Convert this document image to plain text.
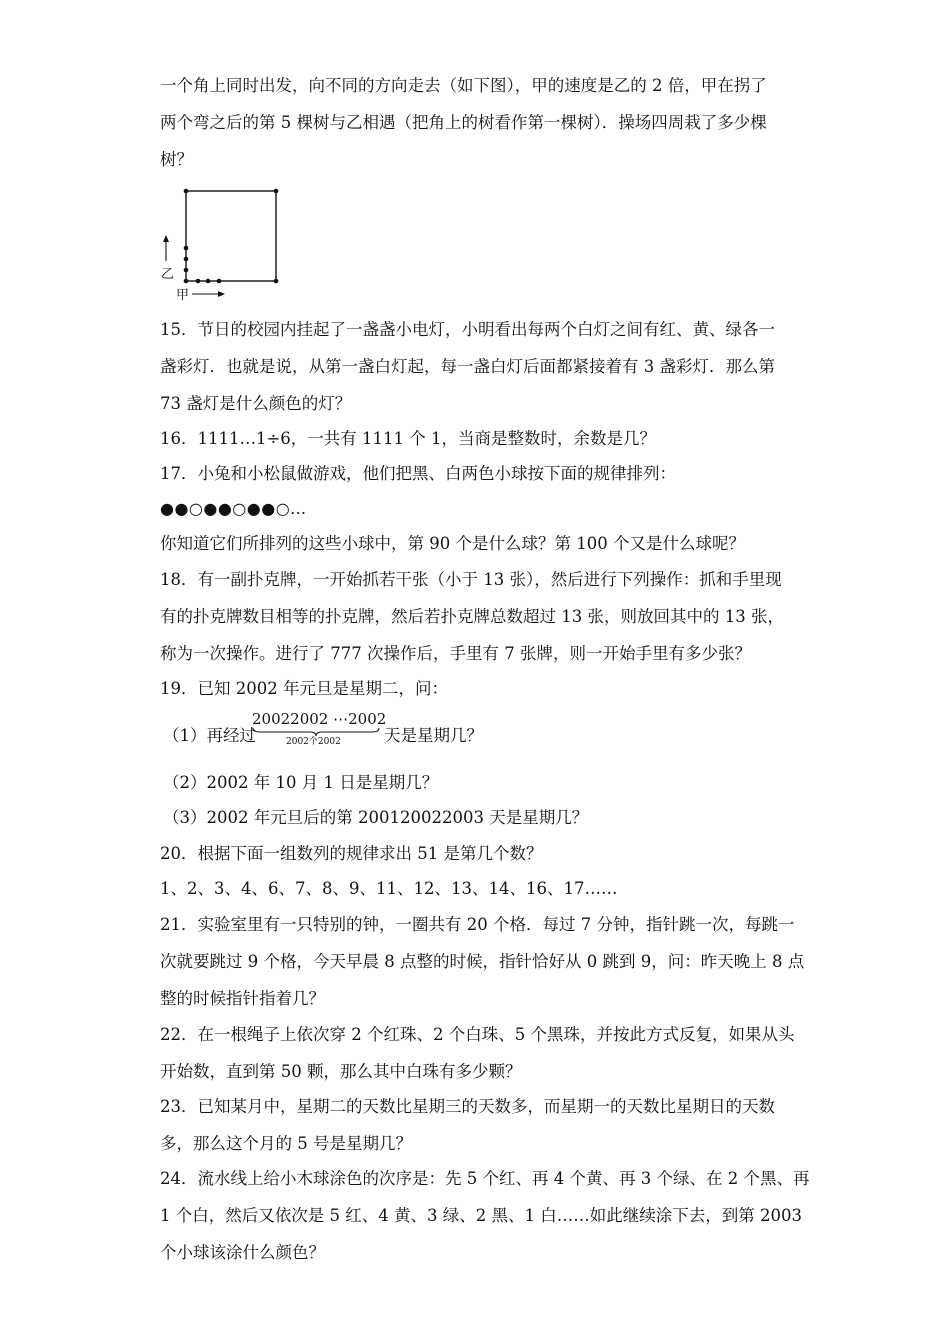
一个角上同时出发，向不同的方向走去（如下图），甲的速度是乙的 2 倍，甲在拐了
两个弯之后的第 5 棵树与乙相遇（把角上的树看作第一棵树）．操场四周栽了多少棵
树？
乙
甲
15．节日的校园内挂起了一盏盏小电灯，小明看出每两个白灯之间有红、黄、绿各一
盏彩灯．也就是说，从第一盏白灯起，每一盏白灯后面都紧接着有 3 盏彩灯．那么第
73 盏灯是什么颜色的灯？
16．1111…1÷6，一共有 1111 个 1，当商是整数时，余数是几？
17．小兔和小松鼠做游戏，他们把黑、白两色小球按下面的规律排列：
●●○●●○●●○…
你知道它们所排列的这些小球中，第 90 个是什么球？第 100 个又是什么球呢？
18．有一副扑克牌，一开始抓若干张（小于 13 张），然后进行下列操作：抓和手里现
有的扑克牌数目相等的扑克牌，然后若扑克牌总数超过 13 张，则放回其中的 13 张，
称为一次操作。进行了 777 次操作后，手里有 7 张牌，则一开始手里有多少张？
19．已知 2002 年元旦是星期二，问：
（1）再经过
20022002 ⋯2002
2002个2002	天是星期几？
（2）2002 年 10 月 1 日是星期几？
（3）2002 年元旦后的第 200120022003 天是星期几？
20．根据下面一组数列的规律求出 51 是第几个数？
1、2、3、4、6、7、8、9、11、12、13、14、16、17……
21．实验室里有一只特别的钟，一圈共有 20 个格．每过 7 分钟，指针跳一次，每跳一
次就要跳过 9 个格，今天早晨 8 点整的时候，指针恰好从 0 跳到 9，问：昨天晚上 8 点
整的时候指针指着几？
22．在一根绳子上依次穿 2 个红珠、2 个白珠、5 个黑珠，并按此方式反复，如果从头
开始数，直到第 50 颗，那么其中白珠有多少颗？
23．已知某月中，星期二的天数比星期三的天数多，而星期一的天数比星期日的天数
多，那么这个月的 5 号是星期几？
24．流水线上给小木球涂色的次序是：先 5 个红、再 4 个黄、再 3 个绿、在 2 个黑、再
1 个白，然后又依次是 5 红、4 黄、3 绿、2 黑、1 白……如此继续涂下去，到第 2003
个小球该涂什么颜色？
